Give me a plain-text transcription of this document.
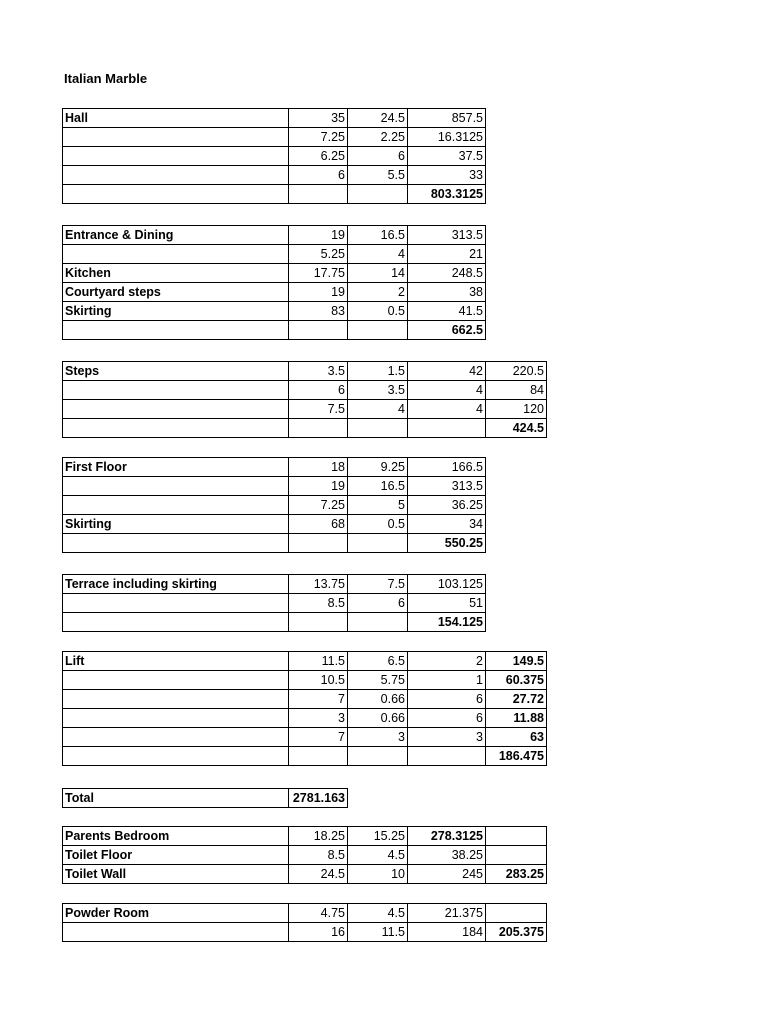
Italian Marble
Hall	35	24.5	857.5
	7.25	2.25	16.3125
	6.25	6	37.5
	6	5.5	33
			803.3125
Entrance & Dining	19	16.5	313.5
	5.25	4	21
Kitchen	17.75	14	248.5
Courtyard steps	19	2	38
Skirting	83	0.5	41.5
			662.5
Steps	3.5	1.5	42	220.5
	6	3.5	4	84
	7.5	4	4	120
				424.5
First Floor	18	9.25	166.5
	19	16.5	313.5
	7.25	5	36.25
Skirting	68	0.5	34
			550.25
Terrace including skirting	13.75	7.5	103.125
	8.5	6	51
			154.125
Lift	11.5	6.5	2	149.5
	10.5	5.75	1	60.375
	7	0.66	6	27.72
	3	0.66	6	11.88
	7	3	3	63
				186.475
Total	2781.163
Parents Bedroom	18.25	15.25	278.3125	
Toilet Floor	8.5	4.5	38.25	
Toilet Wall	24.5	10	245	283.25
Powder Room	4.75	4.5	21.375	
	16	11.5	184	205.375
